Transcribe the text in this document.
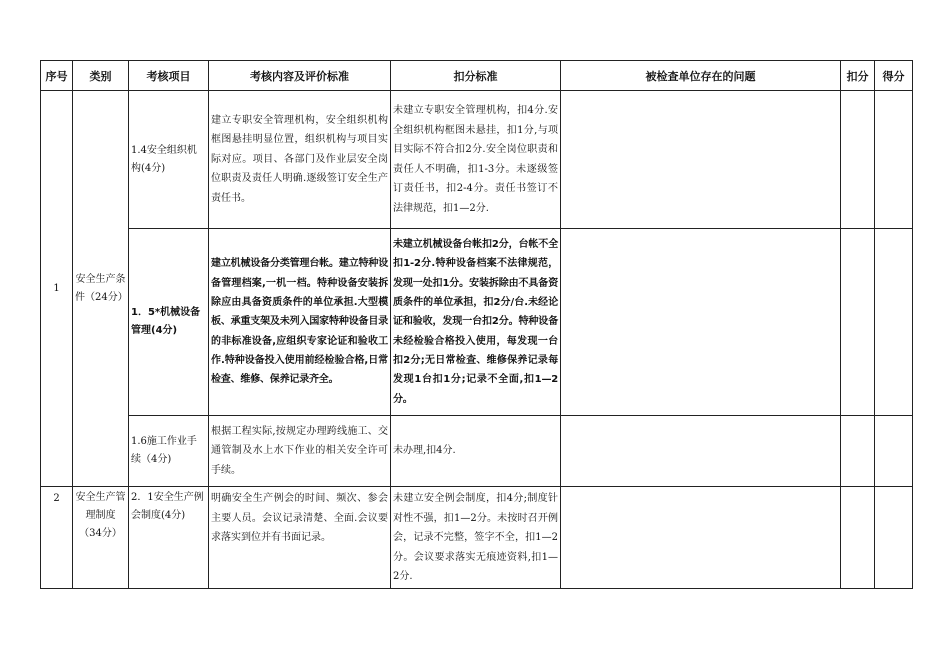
序号	类别	考核项目	考核内容及评价标准	扣分标准	被检查单位存在的问题	扣分	得分
1	安全生产条件（24分）	1.4安全组织机构(4分)	建立专职安全管理机构，安全组织机构框图悬挂明显位置，组织机构与项目实际对应。项目、各部门及作业层安全岗位职责及责任人明确.逐级签订安全生产责任书。	未建立专职安全管理机构，扣4分.安全组织机构框图未悬挂，扣1分,与项目实际不符合扣2分.安全岗位职责和责任人不明确，扣1-3分。未逐级签订责任书，扣2-4分。责任书签订不法律规范，扣1—2分.			

		1．5*机械设备管理(4分)	建立机械设备分类管理台帐。建立特种设备管理档案,一机一档。特种设备安装拆除应由具备资质条件的单位承担.大型模板、承重支架及未列入国家特种设备目录的非标准设备,应组织专家论证和验收工作.特种设备投入使用前经检验合格,日常检查、维修、保养记录齐全。	未建立机械设备台帐扣2分，台帐不全扣1-2分.特种设备档案不法律规范，发现一处扣1分。安装拆除由不具备资质条件的单位承担，扣2分/台.未经论证和验收，发现一台扣2分。特种设备未经检验合格投入使用，每发现一台扣2分;无日常检查、维修保养记录每发现1台扣1分;记录不全面,扣1—2分。			

		1.6施工作业手续（4分)	根据工程实际,按规定办理跨线施工、交通管制及水上水下作业的相关安全许可手续。	未办理,扣4分.			
2	安全生产管理制度（34分）	2．1安全生产例会制度(4分)	明确安全生产例会的时间、频次、参会主要人员。会议记录清楚、全面.会议要求落实到位并有书面记录。	未建立安全例会制度，扣4分;制度针对性不强，扣1—2分。未按时召开例会，记录不完整，签字不全，扣1—2分。会议要求落实无痕迹资料,扣1—2分.			
